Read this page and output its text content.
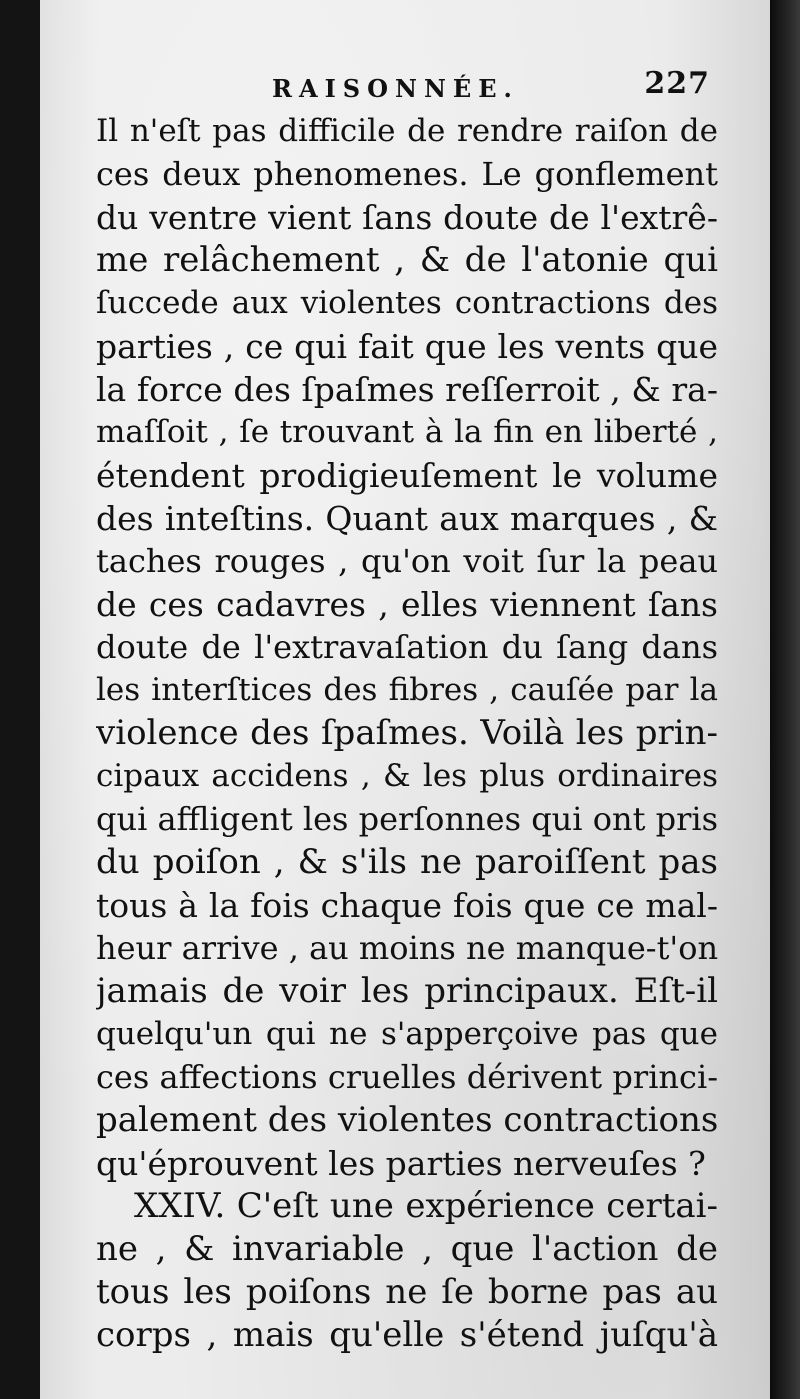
RAISONNÉE.	227
Il n'eſt pas difficile de rendre raiſon de
ces deux phenomenes. Le gonflement
du ventre vient ſans doute de l'extrê-
me relâchement , & de l'atonie qui
ſuccede aux violentes contractions des
parties , ce qui fait que les vents que
la force des ſpaſmes reſſerroit , & ra-
maſſoit , ſe trouvant à la fin en liberté ,
étendent prodigieuſement le volume
des inteſtins. Quant aux marques , &
taches rouges , qu'on voit ſur la peau
de ces cadavres , elles viennent ſans
doute de l'extravaſation du ſang dans
les interſtices des fibres , cauſée par la
violence des ſpaſmes. Voilà les prin-
cipaux accidens , & les plus ordinaires
qui affligent les perſonnes qui ont pris
du poiſon , & s'ils ne paroiſſent pas
tous à la fois chaque fois que ce mal-
heur arrive , au moins ne manque-t'on
jamais de voir les principaux. Eſt-il
quelqu'un qui ne s'apperçoive pas que
ces affections cruelles dérivent princi-
palement des violentes contractions
qu'éprouvent les parties nerveuſes ?
XXIV. C'eſt une expérience certai-
ne , & invariable , que l'action de
tous les poiſons ne ſe borne pas au
corps , mais qu'elle s'étend juſqu'à
